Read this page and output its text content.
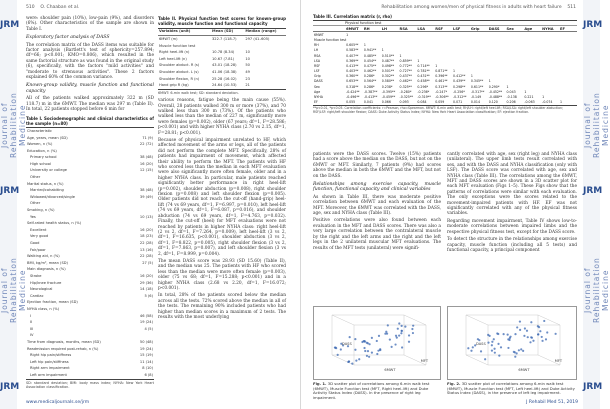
JRM
Journal of Rehabilitation Medicine
JRM
Journal of Rehabilitation Medicine
JRM
510 O. Chaaban et al.

were: shoulder pain (10%), low-pain (9%), and disorders (6%). Other characteristics of the sample are shown in Table I.

Exploratory factor analysis of DASS

The correlation matrix of the DASS items was suitable for factor analysis (Bartlett's test of sphericity=257.894; df=66; p<0.001; KMO=0.806), which resulted in the same factorial structure as was found in the original study (6), specifically, with the factors "mild activities" and "moderate to strenuous activities". These 2 factors explained 60% of the common variance.

Known-group validity, muscle function and functional capacity

All of the patients walked approximately 322 m (SD 118.7) m in the 6MWT. The median was 297 m (Table II). In total, 22 patients stopped before 6 min for

Table I. Sociodemographic and clinical characteristics of the sample (n=80)
Characteristic	
Age, years, mean (SD)	71 (9)
Women, n (%)	22 (72)
Education, n (%)	
Primary school	38 (48)
High school	16 (20)
University or college	12 (15)
Other	
Marital status, n (%)	
Married/cohabiting	38 (48)
Widowed/divorced/single	39 (49)
Other	
Smoking, n (%)	
Yes	10 (13)
Self-rated health status, n (%)	
Excellent	16 (20)
Very good	18 (23)
Good	22 (28)
Fair/poor	13 (16)
Walking aid, n (%)	22 (28)
BMI, kg/m², mean (SD)	27 (5)
Main diagnosis, n (%)	
Stroke	16 (20)
Hip/knee fracture	29 (36)
Neurological	14 (18)
Cardiac	5 (6)
Ejection fraction, mean (SD)	
NYHA class, n (%)	
I	46 (58)
II	19 (24)
III	4 (5)
IV	
Time from diagnosis, months, mean (SD)	50 (48)
Readmission required post-rehab, n (%)	19 (24)
Right hip pain/stiffness	15 (19)
Left hip pain/stiffness	11 (14)
Right arm impairment	8 (10)
Left arm impairment	6 (8)
SD: standard deviation; BMI: body mass index; NYHA: New York Heart Association classification.
Table II. Physical function test scores for known-group validity, muscle function and functional capacity
Variables (unit)	Mean (SD)	Median (range)
6MWT (m)	322.7 (118.7)	297 (41–605)
Muscle function test		
Right heel-lift (n)	10.78 (8.34)	10
Left heel-lift (n)	10.67 (7.81)	10
Shoulder abduct. R (s)	43.01 (18.28)	50
Shoulder abduct. L (s)	41.06 (18.38)	49
Shoulder flexion, R (n)	25.28 (16.02)	23
Hand grip R (kg)	24.64 (10.53)	21
6MWT: 6-min walk test; SD: standard deviation.

various reasons, fatigue being the main cause (55%). Overall, 28 patients walked 300 m or more (37%), and 70 walked less than 300 m (73%). Of the patients who walked less than the median of 227 m, significantly more were females (p=0.002), older (67 years; df=1, F=28.586; p<0.001) and with higher NYHA class (2.70 vs 2.15, df=1, F=28.81; p<0.001).

Because of physical impairment unrelated to HF, which affected movement of the arms or legs, all of the patients did not perform the complete MFT. Specifically, 28% of patients had impairment of movement, which affected their ability to perform the MFT. The patients with HF who scored less than the median in each MFT evaluation were also significantly more often female, older and in a higher NYHA class. In particular, male patients reached significantly better performance in right heel-lift (p=0.002), shoulder abduction (p=0.008), right shoulder flexion (p=0.008) and left shoulder flexion (p=0.005). Older patients did not reach the cut-off (hand-grip) heel-lift (74 vs 69 years, df=1, F=6.997, p=0.010), left heel-lift (74 vs 69 years, df=1, F=6.087, p=0.016), and shoulder abduction (74 vs 69 years, df=1, F=4.763, p=0.032). Finally, the cut-off (heel) for MFT evaluations were not reached by patients in higher NYHA class: right heel-lift (2 vs 2, df=1, F=7.264, p=0.009), left heel-lift (3 vs 2, df=1, F=16.635, p<0.001), shoulder abduction (3 vs 2, df=1, F=8.822, p=0.005), right shoulder flexion (3 vs 2, df=1, F=7.863, p=0.007), and left shoulder flexion (3 vs 2, df=1, F=8.999, p=0.004).

The mean DASS score was 28.93 (SD 15.60) (Table II), and the median was 25. The patients with HF who scored less than the median were more often female (p=0.003), older (75 vs 68; df=1, F=15.288; p<0.001) and in a higher NYHA class (2.68 vs 2.20, df=1, F=16.072; p<0.001).

In total, 28% of the patients scored below the median across all the tests. 72% scored above the median in all of the tests. The remaining 90% included patients who had higher than median scores in a maximum of 2 tests. The results with the most underlying

www.medicaljournals.se/jrm
JRM
Journal of Rehabilitation Medicine
JRM
Journal of Rehabilitation Medicine
JRM
Rehabilitation among women/men of physical fitness in adults with heart failure 511
Table III. Correlation matrix (r, rho)
Physical function test
	6MWT	RH	LH	RSA	LSA	RSF	LSF	Grip	DASS	Sex	Age	NYHA	EF
6MWT	1												
Muscle function test													
RH	0.605**	1											
LH	0.583**	0.941**	1										
RSA	0.407**	0.485**	0.510**	1									
LSA	0.369**	0.454**	0.487**	0.859**	1								
RSF	0.413**	0.475**	0.498**	0.772**	0.714**	1							
LSF	0.403**	0.462**	0.501**	0.727**	0.781**	0.871**	1						
Grip	0.360**	0.286*	0.302**	0.437**	0.431**	0.396**	0.412**	1					
DASS	0.653**	0.564**	0.580**	0.462**	0.458**	0.461**	0.439**	0.345**	1				
Sex	0.318**	0.286*	0.238*	0.325**	0.296*	0.313**	0.298**	0.611**	0.290*	1			
Age	-0.424**	-0.387**	-0.395**	-0.280*	-0.236*	-0.247*	-0.256*	-0.317**	-0.452**	0.043	1		
NYHA	-0.496**	-0.413**	-0.459**	-0.325**	-0.319**	-0.306**	-0.312**	-0.149	-0.488**	-0.138	0.221	1	
EF	0.055	0.041	0.066	0.093	0.084	0.059	0.071	0.014	0.120	0.206	-0.063	-0.074	1
**p<0.01, *p<0.05. Correlation coefficients: r=Pearson, rho=Spearman. 6MWT: 6-min walk test; RH/LH: right/left heel-lift; RSA/LSA: right/left shoulder abduction; RSF/LSF: right/left shoulder flexion; DASS: Duke Activity Status Index; NYHA: New York Heart Association classification; EF: ejection fraction.

patients were the DASS scores. Twelve (15%) patients had a score above the median on the DASS, but not on the 6MWT or MFT. Similarly, 7 patients (9%) had scores above the median in both the 6MWT and the MFT, but not on the DASS.

Relationships among exercise capacity, muscle function, functional capacity and clinical variables

As shown in Table III, there was moderate positive correlation between 6MWT and each evaluation of the MFT. Moreover, the 6MWT was correlated with the DASS, age, sex and NYHA class (Table III).

Positive correlations were also found between each evaluation in the MFT and DASS scores. There was also a very large correlation between the contralateral muscle by the right and the left arms and the right and the left legs in the 2 unilateral muscular MFT evaluations. The results of the MFT tests (unilateral) were signifi-

cantly correlated with age, sex (right leg) and NYHA class (unilateral). The upper limb tests result correlated with sex, and with the DASS and NYHA classification (only with LSF). The DASS score was correlated with age, sex and NYHA class (Table III). The correlations among the 6MWT, MFT and DASS scores are shown in a 3D scatter plot for each MFT evaluation (Figs 1–5). These Figs show that the patterns of correlations were similar with each evaluation. The only exceptions were the scores related to the movement-impaired patients with HF. EF was not significantly correlated with any of the physical fitness variables.

Regarding movement impairment, Table IV shows low-to-moderate correlations between impaired limbs and the respective physical fitness test, except for the DASS score.

To detect the structure in the relationships among exercise capacity, muscle function (including all 5 tests) and functional capacity, a principal component

6MWT
MFT
DASS
Fig. 1. 3D scatter plot of correlations among 6-min walk test (6MWT), Muscle Function test (MFT, Right heel-lift) and Duke Activity Status Index (DASS). In the presence of right leg impairment.
6MWT
MFT
DASS
Fig. 2. 3D scatter plot of correlations among 6-min walk test (6MWT), Muscle Function test (MFT, Left heel-lift) and Duke Activity Status Index (DASS), in the presence of left leg impairment.
J Rehabil Med 51, 2019
